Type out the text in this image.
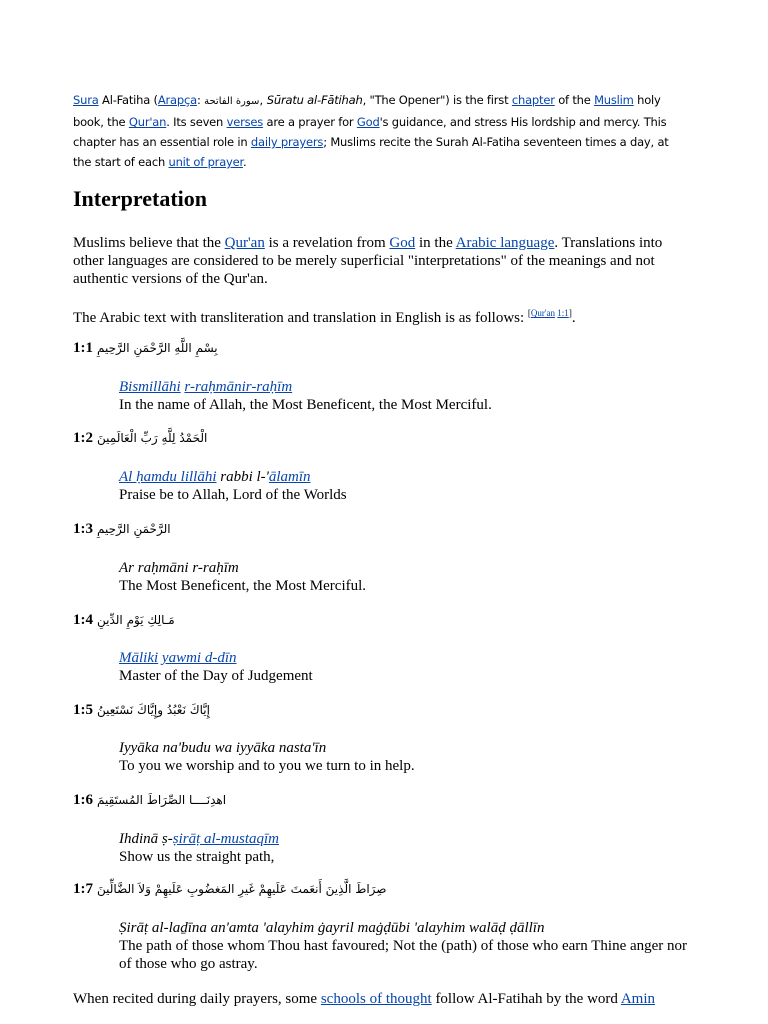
Sura Al-Fatiha (Arapça: سورة الفاتحة, Sūratu al-Fātihah, "The Opener") is the first chapter of the Muslim holy book, the Qur'an. Its seven verses are a prayer for God's guidance, and stress His lordship and mercy. This chapter has an essential role in daily prayers; Muslims recite the Surah Al-Fatiha seventeen times a day, at the start of each unit of prayer.
Interpretation
Muslims believe that the Qur'an is a revelation from God in the Arabic language. Translations into other languages are considered to be merely superficial "interpretations" of the meanings and not authentic versions of the Qur'an.
The Arabic text with transliteration and translation in English is as follows: [Qur'an 1:1].
1:1 بِسْمِ اللَّهِ الرَّحْمَنِ الرَّحِيمِ
Bismillāhi r-raḥmānir-raḥīm
In the name of Allah, the Most Beneficent, the Most Merciful.
1:2 الْحَمْدُ لِلَّهِ رَبِّ الْعَالَمِينَ
Al ḥamdu lillāhi rabbi l-'ālamīn
Praise be to Allah, Lord of the Worlds
1:3 الرَّحْمَنِ الرَّحِيمِ
Ar raḥmāni r-raḥīm
The Most Beneficent, the Most Merciful.
1:4 مَـالِكِ يَوْمِ الدِّينِ
Māliki yawmi d-dīn
Master of the Day of Judgement
1:5 إِيَّاكَ نَعْبُدُ وإِيَّاكَ نَسْتَعِينُ
Iyyāka na'budu wa iyyāka nasta'īn
To you we worship and to you we turn to in help.
1:6 اهدِنَــــا الصِّرَاطَ المُستَقِيمَ
Ihdinā ṣ-ṣirāṭ al-mustaqīm
Show us the straight path,
1:7 صِرَاطَ الَّذِينَ أَنعَمتَ عَلَيهِمْ غَيرِ المَغضُوبِ عَلَيهِمْ وَلاَ الضَّالِّينَ
Ṣirāṭ al-laḏīna an'amta 'alayhim ġayril maġḍūbi 'alayhim walāḍ ḍāllīn
The path of those whom Thou hast favoured; Not the (path) of those who earn Thine anger nor of those who go astray.
When recited during daily prayers, some schools of thought follow Al-Fatihah by the word Amin
